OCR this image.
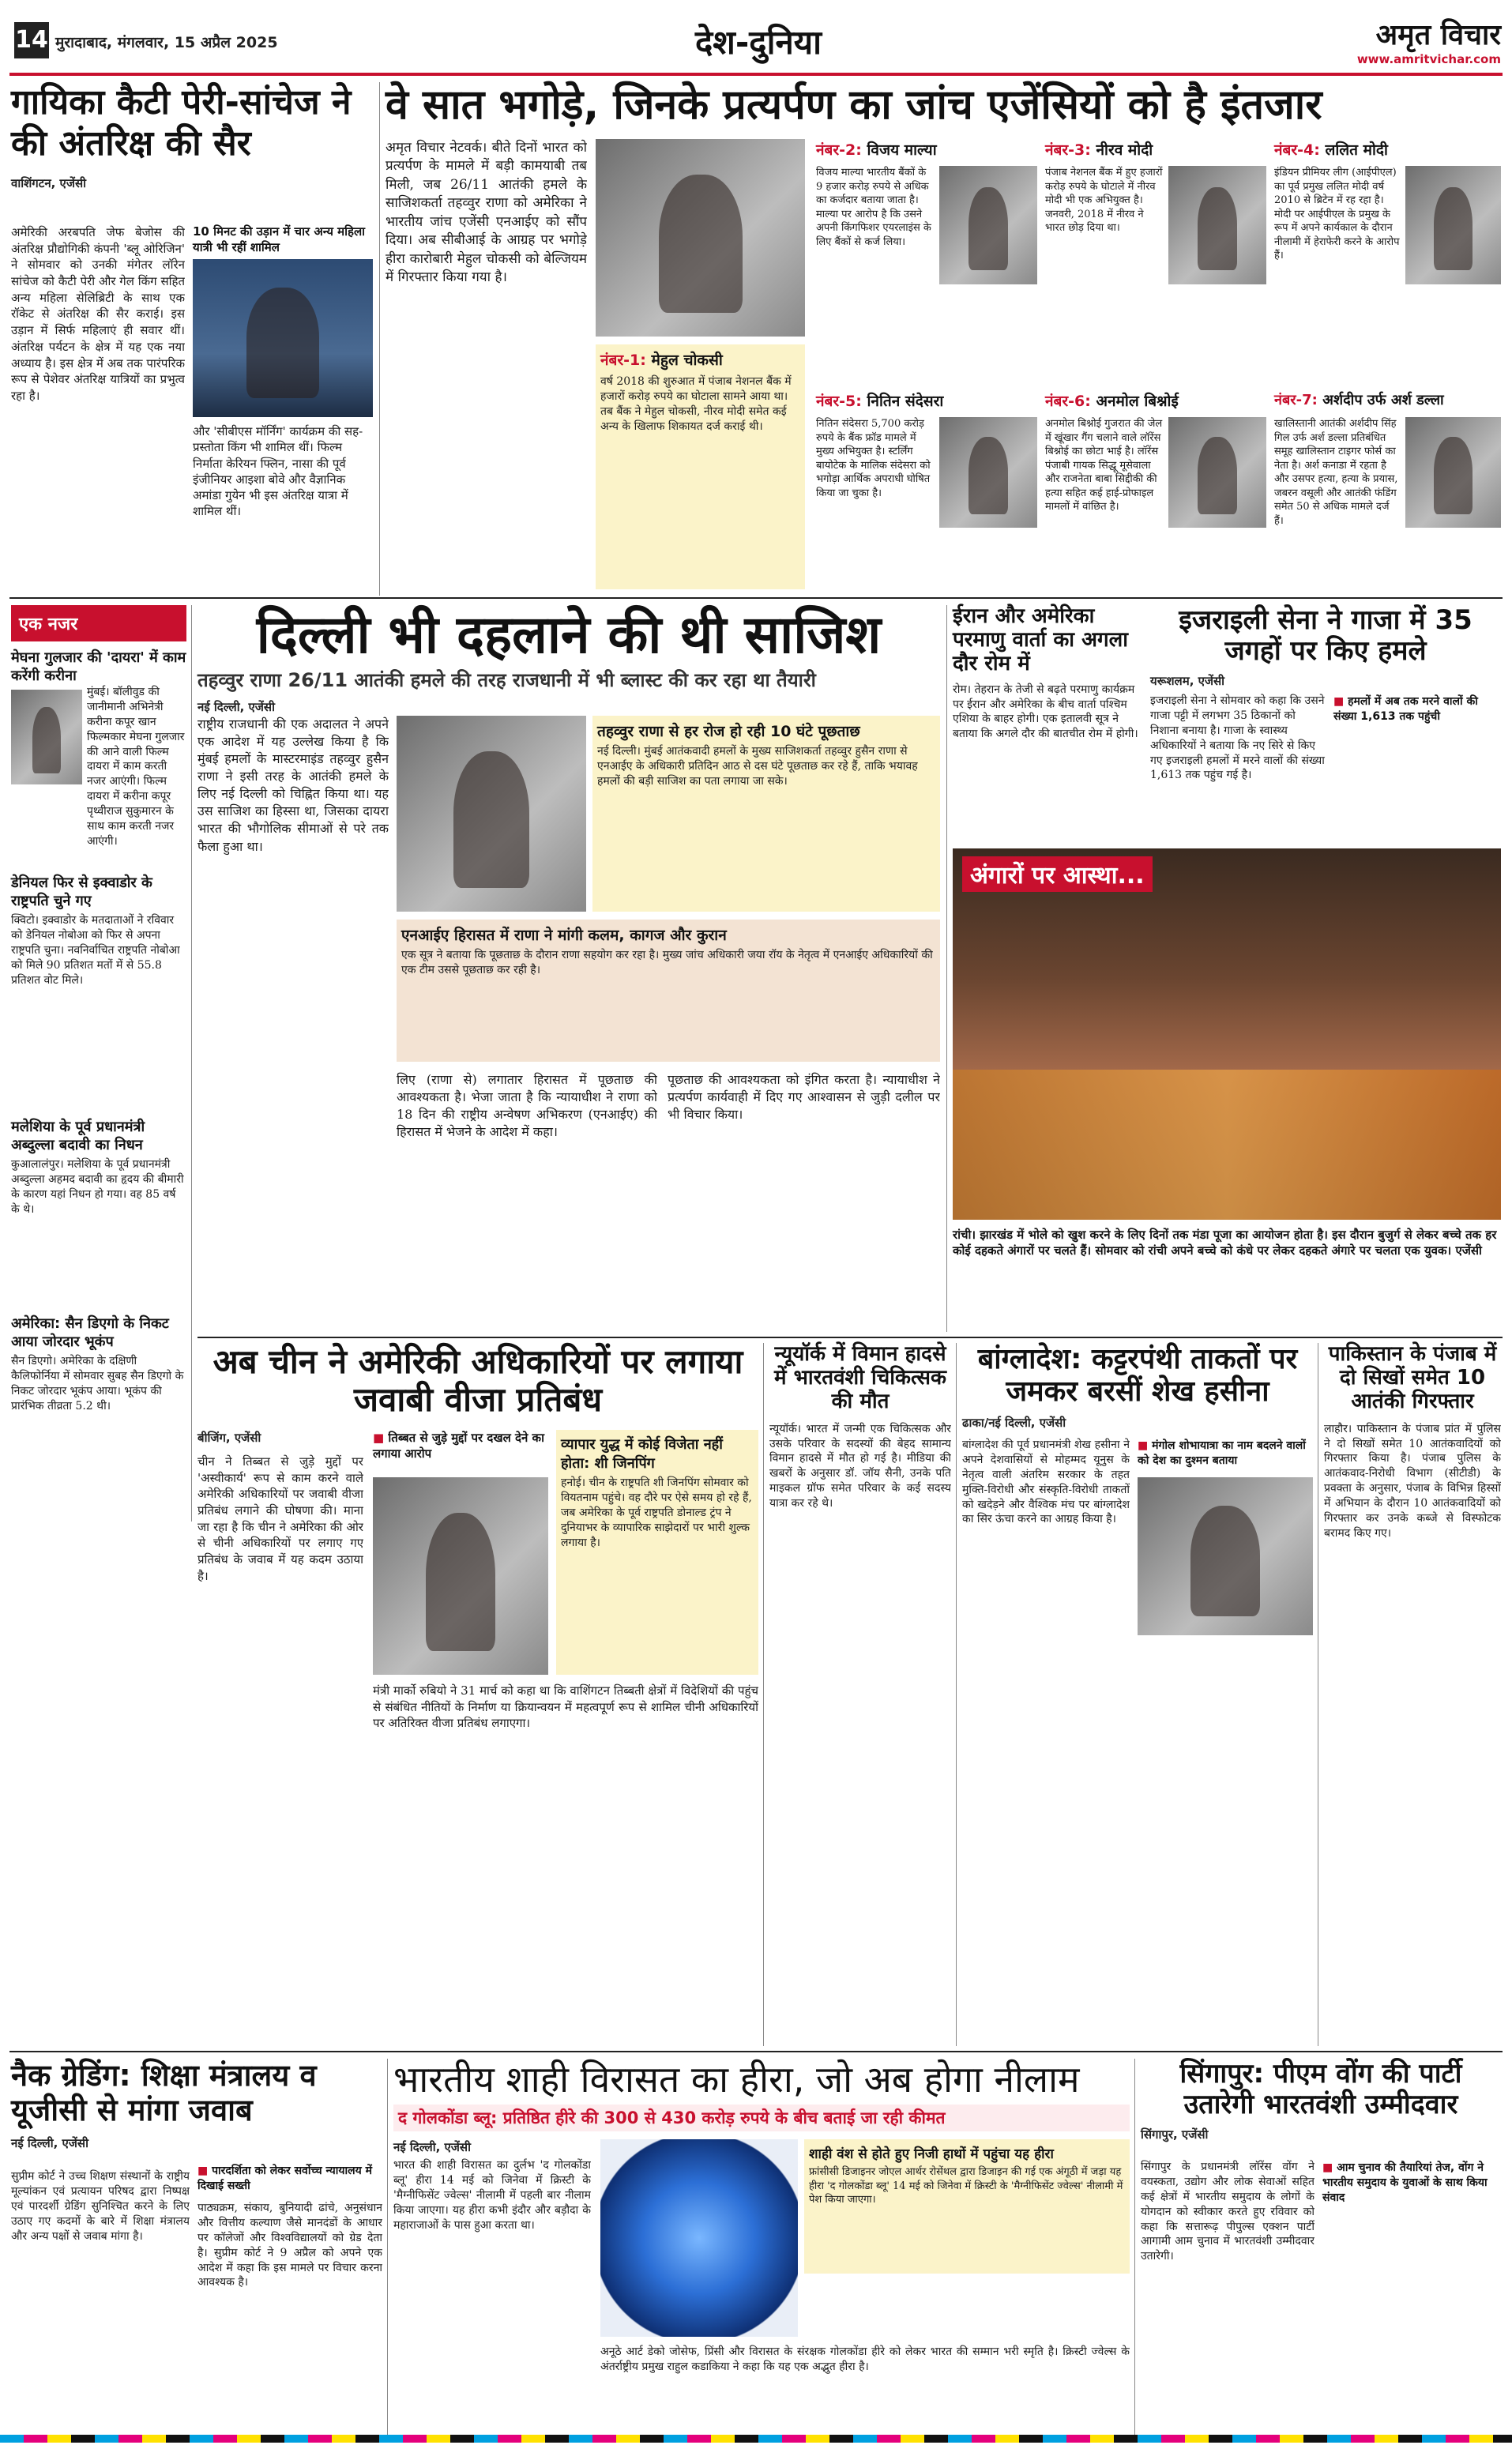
14 मुरादाबाद, मंगलवार, 15 अप्रैल 2025	देश-दुनिया	अमृत विचार
www.amritvichar.com
गायिका कैटी पेरी-सांचेज ने की अंतरिक्ष की सैर
वाशिंगटन, एजेंसी
अमेरिकी अरबपति जेफ बेजोस की अंतरिक्ष प्रौद्योगिकी कंपनी 'ब्लू ओरिजिन' ने सोमवार को उनकी मंगेतर लॉरेन सांचेज को कैटी पेरी और गेल किंग सहित अन्य महिला सेलिब्रिटी के साथ एक रॉकेट से अंतरिक्ष की सैर कराई। इस उड़ान में सिर्फ महिलाएं ही सवार थीं। अंतरिक्ष पर्यटन के क्षेत्र में यह एक नया अध्याय है। इस क्षेत्र में अब तक पारंपरिक रूप से पेशेवर अंतरिक्ष यात्रियों का प्रभुत्व रहा है।
10 मिनट की उड़ान में चार अन्य महिला यात्री भी रहीं शामिल
और 'सीबीएस मॉर्निंग' कार्यक्रम की सह-प्रस्तोता किंग भी शामिल थीं। फिल्म निर्माता केरियन फ्लिन, नासा की पूर्व इंजीनियर आइशा बोवे और वैज्ञानिक अमांडा गुयेन भी इस अंतरिक्ष यात्रा में शामिल थीं।
वे सात भगोड़े, जिनके प्रत्यर्पण का जांच एजेंसियों को है इंतजार
अमृत विचार नेटवर्क। बीते दिनों भारत को प्रत्यर्पण के मामले में बड़ी कामयाबी तब मिली, जब 26/11 आतंकी हमले के साजिशकर्ता तहव्वुर राणा को अमेरिका ने भारतीय जांच एजेंसी एनआईए को सौंप दिया। अब सीबीआई के आग्रह पर भगोड़े हीरा कारोबारी मेहुल चोकसी को बेल्जियम में गिरफ्तार किया गया है।
नंबर-1: मेहुल चोकसी
वर्ष 2018 की शुरुआत में पंजाब नेशनल बैंक में हजारों करोड़ रुपये का घोटाला सामने आया था। तब बैंक ने मेहुल चोकसी, नीरव मोदी समेत कई अन्य के खिलाफ शिकायत दर्ज कराई थी।
नंबर-2: विजय माल्या
विजय माल्या भारतीय बैंकों के 9 हजार करोड़ रुपये से अधिक का कर्जदार बताया जाता है। माल्या पर आरोप है कि उसने अपनी किंगफिशर एयरलाइंस के लिए बैंकों से कर्ज लिया।
नंबर-3: नीरव मोदी
पंजाब नेशनल बैंक में हुए हजारों करोड़ रुपये के घोटाले में नीरव मोदी भी एक अभियुक्त है। जनवरी, 2018 में नीरव ने भारत छोड़ दिया था।
नंबर-4: ललित मोदी
इंडियन प्रीमियर लीग (आईपीएल) का पूर्व प्रमुख ललित मोदी वर्ष 2010 से ब्रिटेन में रह रहा है। मोदी पर आईपीएल के प्रमुख के रूप में अपने कार्यकाल के दौरान नीलामी में हेराफेरी करने के आरोप हैं।
नंबर-5: नितिन संदेसरा
नितिन संदेसरा 5,700 करोड़ रुपये के बैंक फ्रॉड मामले में मुख्य अभियुक्त है। स्टर्लिंग बायोटेक के मालिक संदेसरा को भगोड़ा आर्थिक अपराधी घोषित किया जा चुका है।
नंबर-6: अनमोल बिश्नोई
अनमोल बिश्नोई गुजरात की जेल में खूंखार गैंग चलाने वाले लॉरेंस बिश्नोई का छोटा भाई है। लॉरेंस पंजाबी गायक सिद्धू मूसेवाला और राजनेता बाबा सिद्दीकी की हत्या सहित कई हाई-प्रोफाइल मामलों में वांछित है।
नंबर-7: अर्शदीप उर्फ अर्श डल्ला
खालिस्तानी आतंकी अर्शदीप सिंह गिल उर्फ अर्श डल्ला प्रतिबंधित समूह खालिस्तान टाइगर फोर्स का नेता है। अर्श कनाडा में रहता है और उसपर हत्या, हत्या के प्रयास, जबरन वसूली और आतंकी फंडिंग समेत 50 से अधिक मामले दर्ज हैं।
एक नजर
मेघना गुलजार की 'दायरा' में काम करेंगी करीना
मुंबई। बॉलीवुड की जानीमानी अभिनेत्री करीना कपूर खान फिल्मकार मेघना गुलजार की आने वाली फिल्म दायरा में काम करती नजर आएंगी। फिल्म दायरा में करीना कपूर पृथ्वीराज सुकुमारन के साथ काम करती नजर आएंगी।
डेनियल फिर से इक्वाडोर के राष्ट्रपति चुने गए
क्विटो। इक्वाडोर के मतदाताओं ने रविवार को डेनियल नोबोआ को फिर से अपना राष्ट्रपति चुना। नवनिर्वाचित राष्ट्रपति नोबोआ को मिले 90 प्रतिशत मतों में से 55.8 प्रतिशत वोट मिले।
मलेशिया के पूर्व प्रधानमंत्री अब्दुल्ला बदावी का निधन
कुआलालंपुर। मलेशिया के पूर्व प्रधानमंत्री अब्दुल्ला अहमद बदावी का हृदय की बीमारी के कारण यहां निधन हो गया। वह 85 वर्ष के थे।
अमेरिका: सैन डिएगो के निकट आया जोरदार भूकंप
सैन डिएगो। अमेरिका के दक्षिणी कैलिफोर्निया में सोमवार सुबह सैन डिएगो के निकट जोरदार भूकंप आया। भूकंप की प्रारंभिक तीव्रता 5.2 थी।
दिल्ली भी दहलाने की थी साजिश
तहव्वुर राणा 26/11 आतंकी हमले की तरह राजधानी में भी ब्लास्ट की कर रहा था तैयारी
नई दिल्ली, एजेंसी
राष्ट्रीय राजधानी की एक अदालत ने अपने एक आदेश में यह उल्लेख किया है कि मुंबई हमलों के मास्टरमाइंड तहव्वुर हुसैन राणा ने इसी तरह के आतंकी हमले के लिए नई दिल्ली को चिह्नित किया था। यह उस साजिश का हिस्सा था, जिसका दायरा भारत की भौगोलिक सीमाओं से परे तक फैला हुआ था।
तहव्वुर राणा से हर रोज हो रही 10 घंटे पूछताछ
नई दिल्ली। मुंबई आतंकवादी हमलों के मुख्य साजिशकर्ता तहव्वुर हुसैन राणा से एनआईए के अधिकारी प्रतिदिन आठ से दस घंटे पूछताछ कर रहे हैं, ताकि भयावह हमलों की बड़ी साजिश का पता लगाया जा सके।
एनआईए हिरासत में राणा ने मांगी कलम, कागज और कुरान
एक सूत्र ने बताया कि पूछताछ के दौरान राणा सहयोग कर रहा है। मुख्य जांच अधिकारी जया रॉय के नेतृत्व में एनआईए अधिकारियों की एक टीम उससे पूछताछ कर रही है।
लिए (राणा से) लगातार हिरासत में पूछताछ की आवश्यकता है। भेजा जाता है कि न्यायाधीश ने राणा को 18 दिन की राष्ट्रीय अन्वेषण अभिकरण (एनआईए) की हिरासत में भेजने के आदेश में कहा।
पूछताछ की आवश्यकता को इंगित करता है। न्यायाधीश ने प्रत्यर्पण कार्यवाही में दिए गए आश्वासन से जुड़ी दलील पर भी विचार किया।
ईरान और अमेरिका परमाणु वार्ता का अगला दौर रोम में
रोम। तेहरान के तेजी से बढ़ते परमाणु कार्यक्रम पर ईरान और अमेरिका के बीच वार्ता पश्चिम एशिया के बाहर होगी। एक इतालवी सूत्र ने बताया कि अगले दौर की बातचीत रोम में होगी।
इजराइली सेना ने गाजा में 35 जगहों पर किए हमले
यरूशलम, एजेंसी
■ हमलों में अब तक मरने वालों की संख्या 1,613 तक पहुंची
इजराइली सेना ने सोमवार को कहा कि उसने गाजा पट्टी में लगभग 35 ठिकानों को निशाना बनाया है। गाजा के स्वास्थ्य अधिकारियों ने बताया कि नए सिरे से किए गए इजराइली हमलों में मरने वालों की संख्या 1,613 तक पहुंच गई है।
अंगारों पर आस्था...
रांची। झारखंड में भोले को खुश करने के लिए दिनों तक मंडा पूजा का आयोजन होता है। इस दौरान बुजुर्ग से लेकर बच्चे तक हर कोई दहकते अंगारों पर चलते हैं। सोमवार को रांची अपने बच्चे को कंधे पर लेकर दहकते अंगारे पर चलता एक युवक। एजेंसी
अब चीन ने अमेरिकी अधिकारियों पर लगाया जवाबी वीजा प्रतिबंध
बीजिंग, एजेंसी
चीन ने तिब्बत से जुड़े मुद्दों पर 'अस्वीकार्य' रूप से काम करने वाले अमेरिकी अधिकारियों पर जवाबी वीजा प्रतिबंध लगाने की घोषणा की। माना जा रहा है कि चीन ने अमेरिका की ओर से चीनी अधिकारियों पर लगाए गए प्रतिबंध के जवाब में यह कदम उठाया है।
■ तिब्बत से जुड़े मुद्दों पर दखल देने का लगाया आरोप
व्यापार युद्ध में कोई विजेता नहीं होता: शी जिनपिंग
हनोई। चीन के राष्ट्रपति शी जिनपिंग सोमवार को वियतनाम पहुंचे। वह दौरे पर ऐसे समय हो रहे हैं, जब अमेरिका के पूर्व राष्ट्रपति डोनाल्ड ट्रंप ने दुनियाभर के व्यापारिक साझेदारों पर भारी शुल्क लगाया है।
मंत्री मार्को रुबियो ने 31 मार्च को कहा था कि वाशिंगटन तिब्बती क्षेत्रों में विदेशियों की पहुंच से संबंधित नीतियों के निर्माण या क्रियान्वयन में महत्वपूर्ण रूप से शामिल चीनी अधिकारियों पर अतिरिक्त वीजा प्रतिबंध लगाएगा।
न्यूयॉर्क में विमान हादसे में भारतवंशी चिकित्सक की मौत
न्यूयॉर्क। भारत में जन्मी एक चिकित्सक और उसके परिवार के सदस्यों की बेहद सामान्य विमान हादसे में मौत हो गई है। मीडिया की खबरों के अनुसार डॉ. जॉय सैनी, उनके पति माइकल ग्रॉफ समेत परिवार के कई सदस्य यात्रा कर रहे थे।
बांग्लादेश: कट्टरपंथी ताकतों पर जमकर बरसीं शेख हसीना
ढाका/नई दिल्ली, एजेंसी
बांग्लादेश की पूर्व प्रधानमंत्री शेख हसीना ने अपने देशवासियों से मोहम्मद यूनुस के नेतृत्व वाली अंतरिम सरकार के तहत मुक्ति-विरोधी और संस्कृति-विरोधी ताकतों को खदेड़ने और वैश्विक मंच पर बांग्लादेश का सिर ऊंचा करने का आग्रह किया है।
■ मंगोल शोभायात्रा का नाम बदलने वालों को देश का दुश्मन बताया
पाकिस्तान के पंजाब में दो सिखों समेत 10 आतंकी गिरफ्तार
लाहौर। पाकिस्तान के पंजाब प्रांत में पुलिस ने दो सिखों समेत 10 आतंकवादियों को गिरफ्तार किया है। पंजाब पुलिस के आतंकवाद-निरोधी विभाग (सीटीडी) के प्रवक्ता के अनुसार, पंजाब के विभिन्न हिस्सों में अभियान के दौरान 10 आतंकवादियों को गिरफ्तार कर उनके कब्जे से विस्फोटक बरामद किए गए।
नैक ग्रेडिंग: शिक्षा मंत्रालय व यूजीसी से मांगा जवाब
नई दिल्ली, एजेंसी
सुप्रीम कोर्ट ने उच्च शिक्षण संस्थानों के राष्ट्रीय मूल्यांकन एवं प्रत्यायन परिषद द्वारा निष्पक्ष एवं पारदर्शी ग्रेडिंग सुनिश्चित करने के लिए उठाए गए कदमों के बारे में शिक्षा मंत्रालय और अन्य पक्षों से जवाब मांगा है।
■ पारदर्शिता को लेकर सर्वोच्च न्यायालय में दिखाई सख्ती
पाठ्यक्रम, संकाय, बुनियादी ढांचे, अनुसंधान और वित्तीय कल्याण जैसे मानदंडों के आधार पर कॉलेजों और विश्वविद्यालयों को ग्रेड देता है। सुप्रीम कोर्ट ने 9 अप्रैल को अपने एक आदेश में कहा कि इस मामले पर विचार करना आवश्यक है।
भारतीय शाही विरासत का हीरा, जो अब होगा नीलाम
द गोलकोंडा ब्लू: प्रतिष्ठित हीरे की 300 से 430 करोड़ रुपये के बीच बताई जा रही कीमत
नई दिल्ली, एजेंसी
भारत की शाही विरासत का दुर्लभ 'द गोलकोंडा ब्लू' हीरा 14 मई को जिनेवा में क्रिस्टी के 'मैग्नीफिसेंट ज्वेल्स' नीलामी में पहली बार नीलाम किया जाएगा। यह हीरा कभी इंदौर और बड़ौदा के महाराजाओं के पास हुआ करता था।
शाही वंश से होते हुए निजी हाथों में पहुंचा यह हीरा
फ्रांसीसी डिजाइनर जोएल आर्थर रोसेंथल द्वारा डिजाइन की गई एक अंगूठी में जड़ा यह हीरा 'द गोलकोंडा ब्लू' 14 मई को जिनेवा में क्रिस्टी के 'मैग्नीफिसेंट ज्वेल्स' नीलामी में पेश किया जाएगा।
अनूठे आर्ट डेको जोसेफ, प्रिंसी और विरासत के संरक्षक गोलकोंडा हीरे को लेकर भारत की सम्मान भरी स्मृति है। क्रिस्टी ज्वेल्स के अंतर्राष्ट्रीय प्रमुख राहुल कडाकिया ने कहा कि यह एक अद्भुत हीरा है।
सिंगापुर: पीएम वोंग की पार्टी उतारेगी भारतवंशी उम्मीदवार
सिंगापुर, एजेंसी
सिंगापुर के प्रधानमंत्री लॉरेंस वोंग ने वयस्कता, उद्योग और लोक सेवाओं सहित कई क्षेत्रों में भारतीय समुदाय के लोगों के योगदान को स्वीकार करते हुए रविवार को कहा कि सत्तारूढ़ पीपुल्स एक्शन पार्टी आगामी आम चुनाव में भारतवंशी उम्मीदवार उतारेगी।
■ आम चुनाव की तैयारियां तेज, वोंग ने भारतीय समुदाय के युवाओं के साथ किया संवाद
